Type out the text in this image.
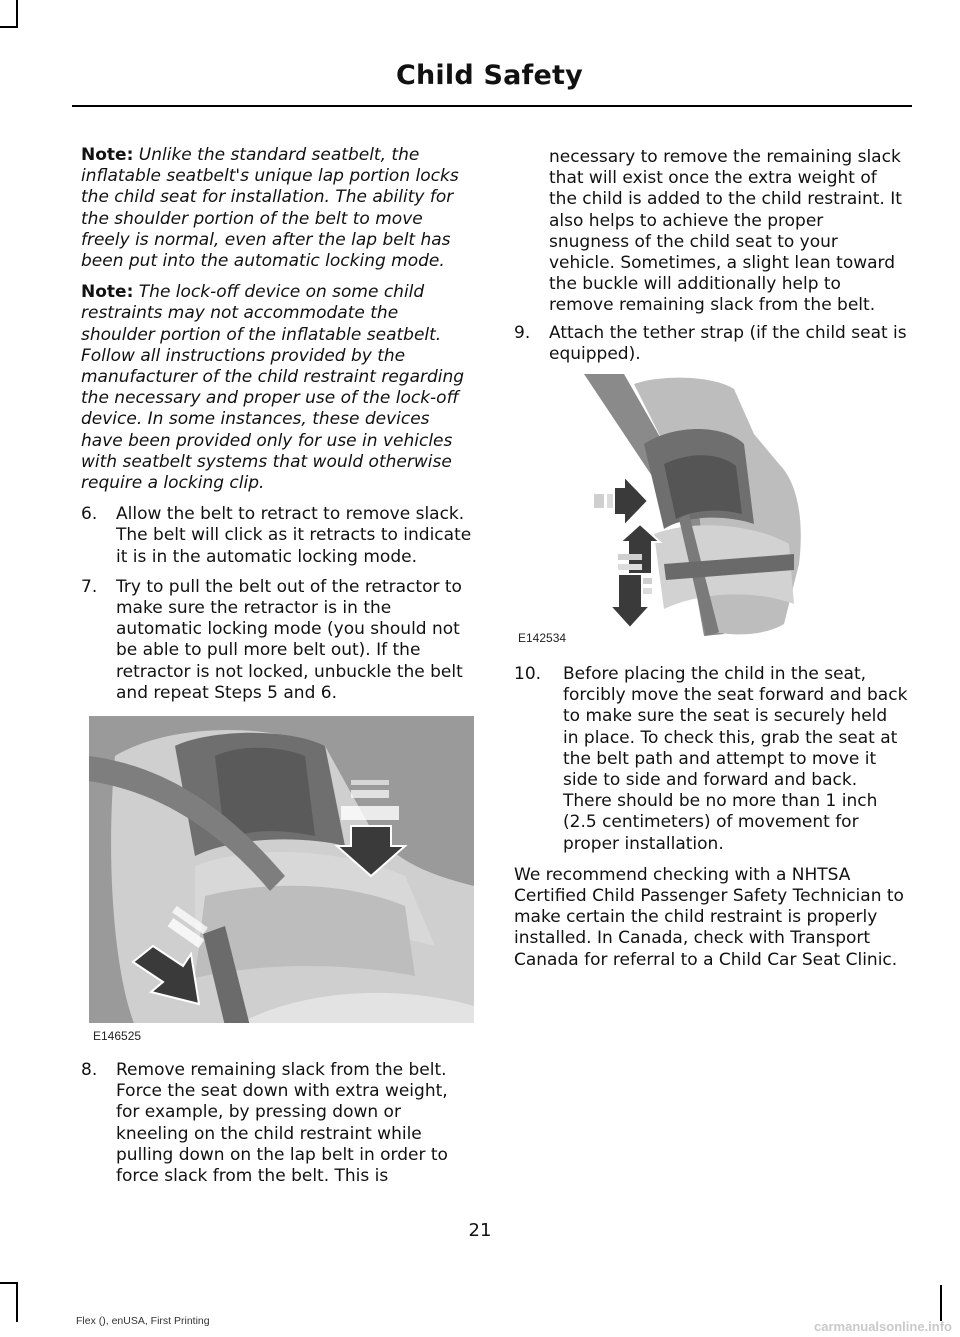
Child Safety

Note: Unlike the standard seatbelt, the inflatable seatbelt's unique lap portion locks the child seat for installation. The ability for the shoulder portion of the belt to move freely is normal, even after the lap belt has been put into the automatic locking mode.

Note: The lock-off device on some child restraints may not accommodate the shoulder portion of the inflatable seatbelt. Follow all instructions provided by the manufacturer of the child restraint regarding the necessary and proper use of the lock-off device. In some instances, these devices have been provided only for use in vehicles with seatbelt systems that would otherwise require a locking clip.

6. Allow the belt to retract to remove slack. The belt will click as it retracts to indicate it is in the automatic locking mode.
7. Try to pull the belt out of the retractor to make sure the retractor is in the automatic locking mode (you should not be able to pull more belt out). If the retractor is not locked, unbuckle the belt and repeat Steps 5 and 6.
E146525
8. Remove remaining slack from the belt. Force the seat down with extra weight, for example, by pressing down or kneeling on the child restraint while pulling down on the lap belt in order to force slack from the belt. This is
necessary to remove the remaining slack that will exist once the extra weight of the child is added to the child restraint. It also helps to achieve the proper snugness of the child seat to your vehicle. Sometimes, a slight lean toward the buckle will additionally help to remove remaining slack from the belt.
9. Attach the tether strap (if the child seat is equipped).
E142534
10. Before placing the child in the seat, forcibly move the seat forward and back to make sure the seat is securely held in place. To check this, grab the seat at the belt path and attempt to move it side to side and forward and back. There should be no more than 1 inch (2.5 centimeters) of movement for proper installation.

We recommend checking with a NHTSA Certified Child Passenger Safety Technician to make certain the child restraint is properly installed. In Canada, check with Transport Canada for referral to a Child Car Seat Clinic.

21
Flex (), enUSA, First Printing	carmanualsonline.info
